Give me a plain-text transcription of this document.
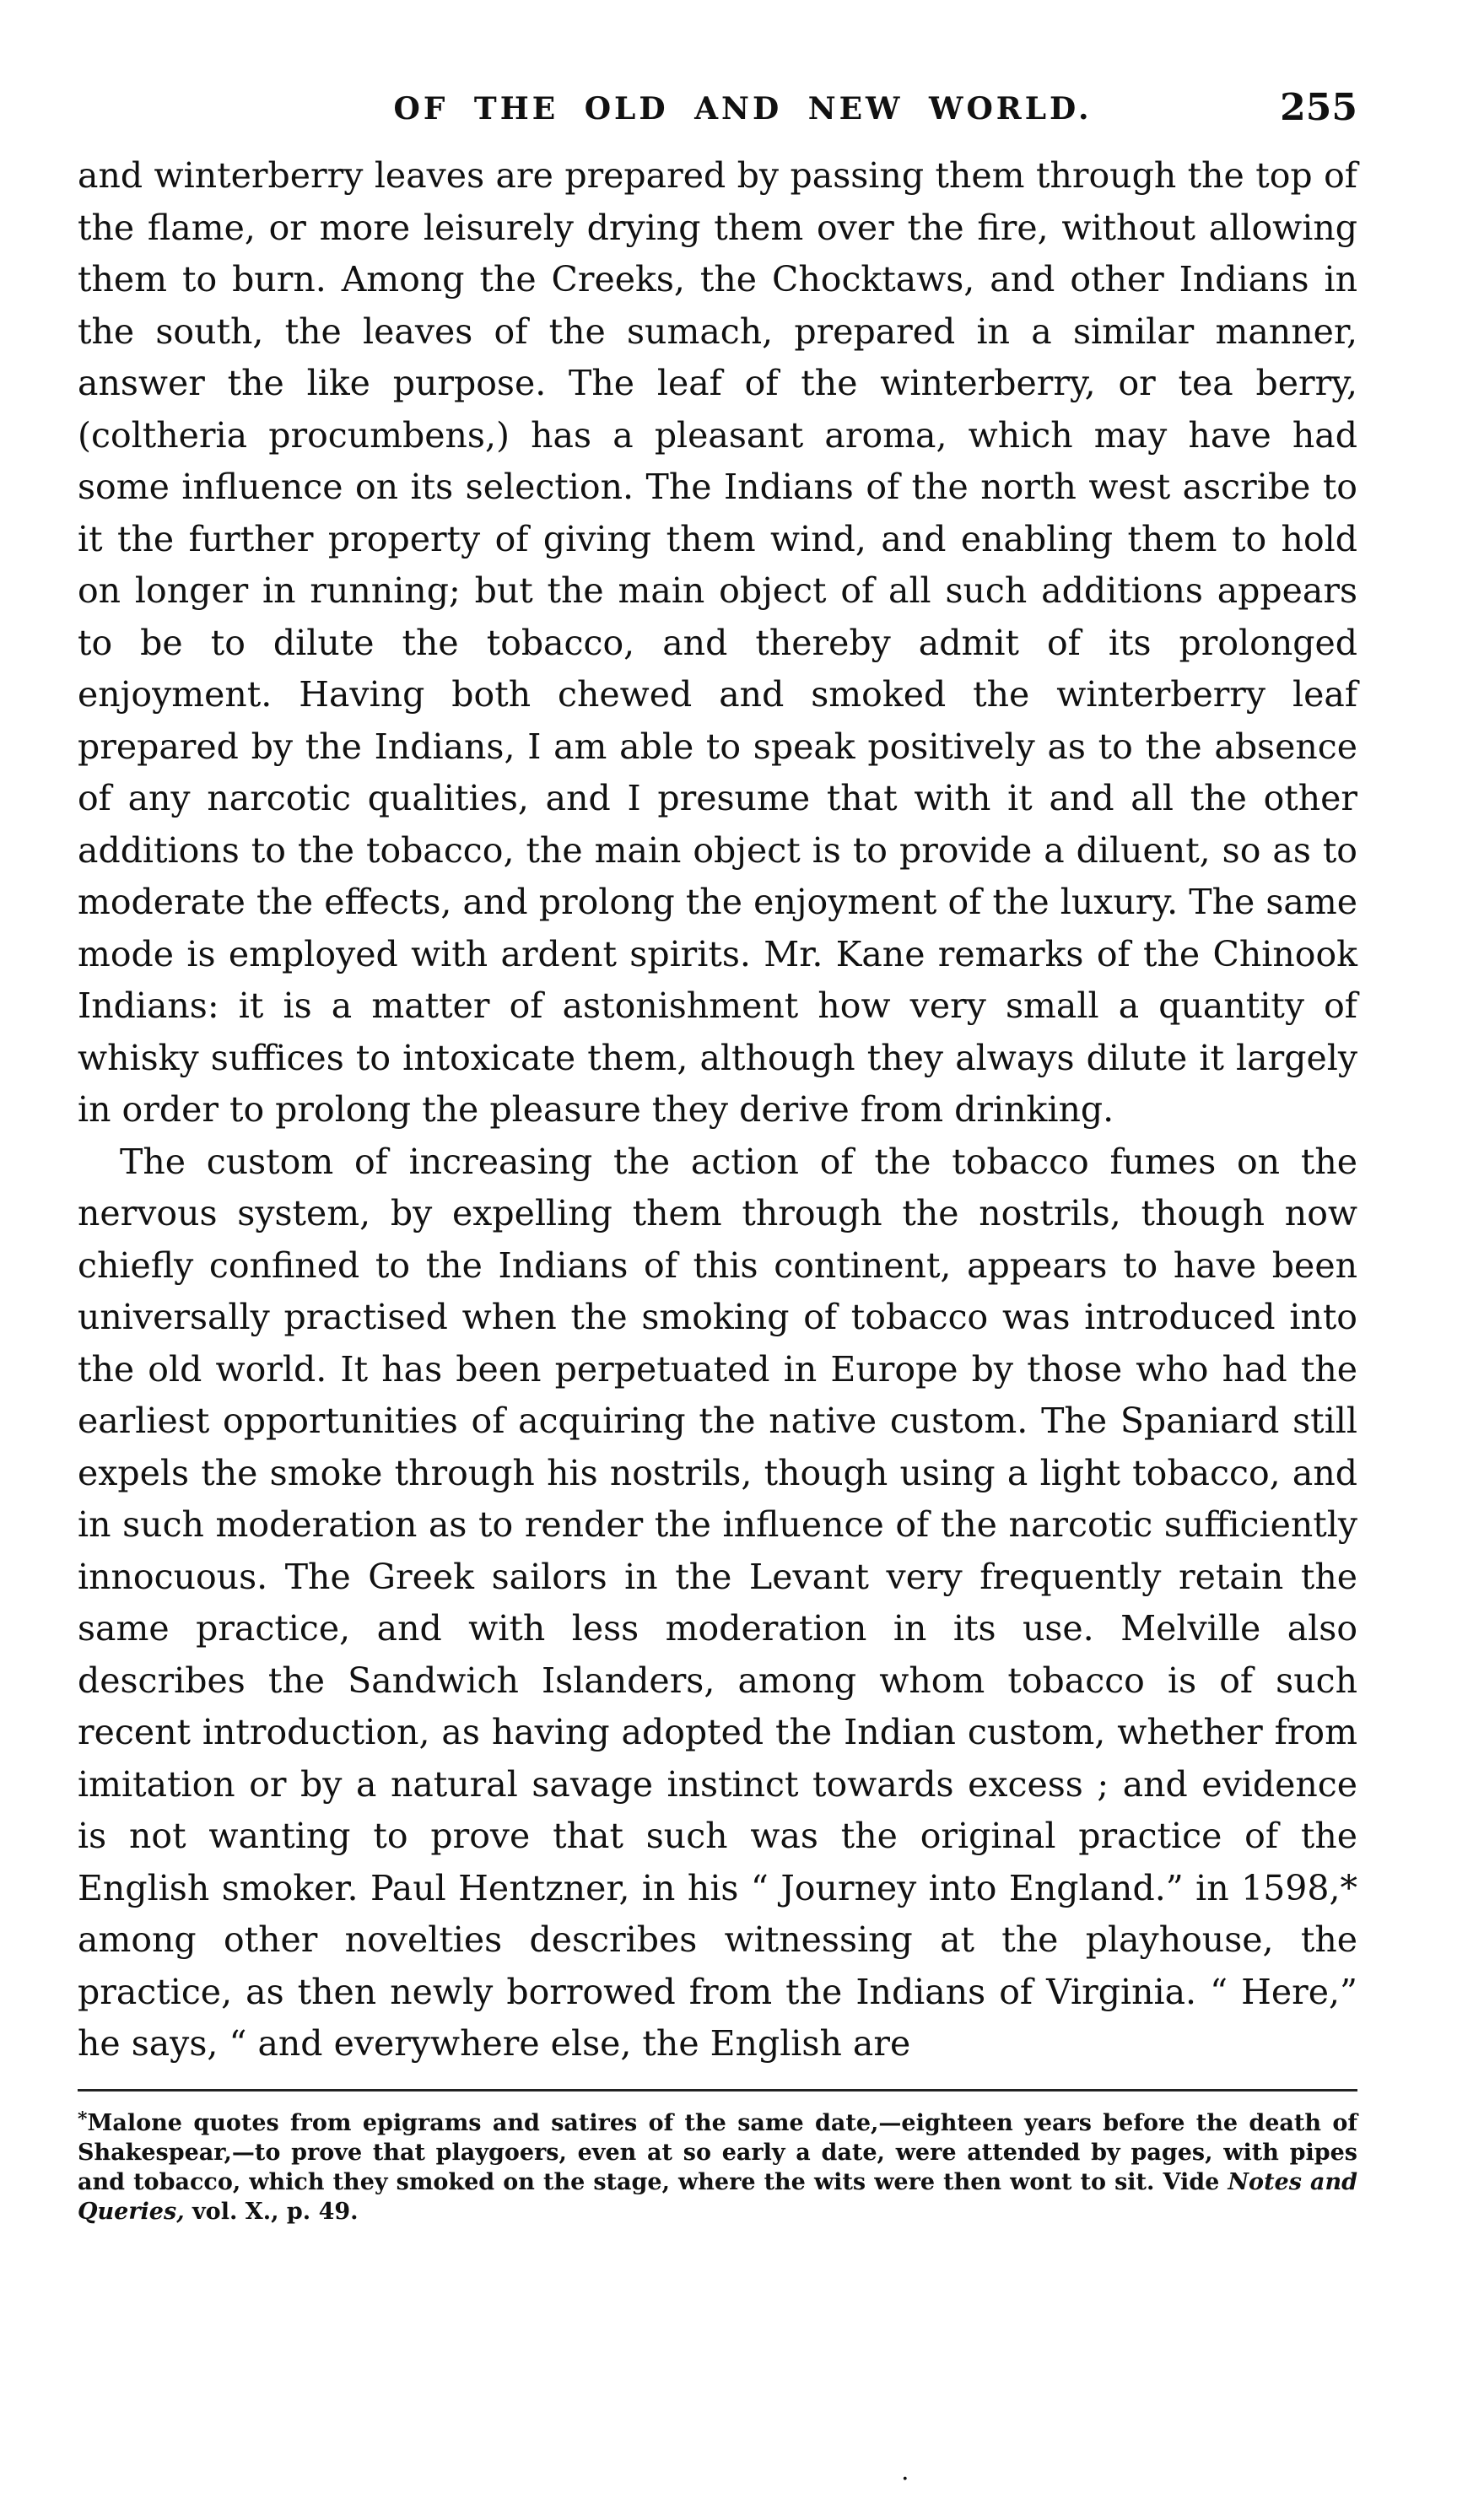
OF THE OLD AND NEW WORLD.	255

and winterberry leaves are prepared by passing them through the top of the flame, or more leisurely drying them over the fire, without allowing them to burn. Among the Creeks, the Chocktaws, and other Indians in the south, the leaves of the sumach, prepared in a similar manner, answer the like purpose. The leaf of the winterberry, or tea berry, (coltheria procumbens,) has a pleasant aroma, which may have had some influence on its selection. The Indians of the north west ascribe to it the further property of giving them wind, and enabling them to hold on longer in running; but the main object of all such additions appears to be to dilute the tobacco, and thereby admit of its prolonged enjoyment. Having both chewed and smoked the winterberry leaf prepared by the Indians, I am able to speak positively as to the absence of any narcotic qualities, and I presume that with it and all the other additions to the tobacco, the main object is to provide a diluent, so as to moderate the effects, and prolong the enjoyment of the luxury. The same mode is employed with ardent spirits. Mr. Kane remarks of the Chinook Indians: it is a matter of astonishment how very small a quantity of whisky suffices to intoxicate them, although they always dilute it largely in order to prolong the pleasure they derive from drinking.

The custom of increasing the action of the tobacco fumes on the nervous system, by expelling them through the nostrils, though now chiefly confined to the Indians of this continent, appears to have been universally practised when the smoking of tobacco was introduced into the old world. It has been perpetuated in Europe by those who had the earliest opportunities of acquiring the native custom. The Spaniard still expels the smoke through his nostrils, though using a light tobacco, and in such moderation as to render the influence of the narcotic sufficiently innocuous. The Greek sailors in the Levant very frequently retain the same practice, and with less moderation in its use. Melville also describes the Sandwich Islanders, among whom tobacco is of such recent introduction, as having adopted the Indian custom, whether from imitation or by a natural savage instinct towards excess ; and evidence is not wanting to prove that such was the original practice of the English smoker. Paul Hentzner, in his “ Journey into England.” in 1598,* among other novelties describes witnessing at the playhouse, the practice, as then newly borrowed from the Indians of Virginia. “ Here,” he says, “ and everywhere else, the English are

*Malone quotes from epigrams and satires of the same date,—eighteen years before the death of Shakespear,—to prove that playgoers, even at so early a date, were attended by pages, with pipes and tobacco, which they smoked on the stage, where the wits were then wont to sit. Vide Notes and Queries, vol. X., p. 49.

.
